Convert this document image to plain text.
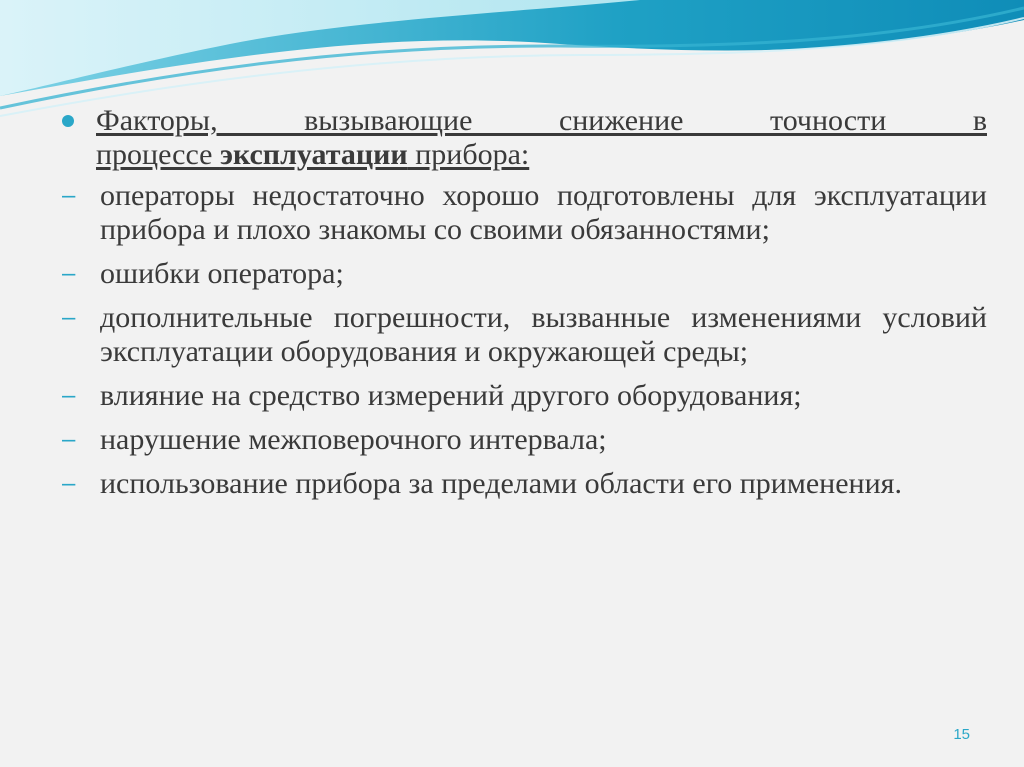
Факторы, вызывающие снижение точности в
процессе эксплуатации прибора:
– операторы недостаточно хорошо подготовлены для эксплуатации прибора и плохо знакомы со своими обязанностями;
– ошибки оператора;
– дополнительные погрешности, вызванные изменениями условий эксплуатации оборудования и окружающей среды;
– влияние на средство измерений другого оборудования;
– нарушение межповерочного интервала;
– использование прибора за пределами области его применения.
15
